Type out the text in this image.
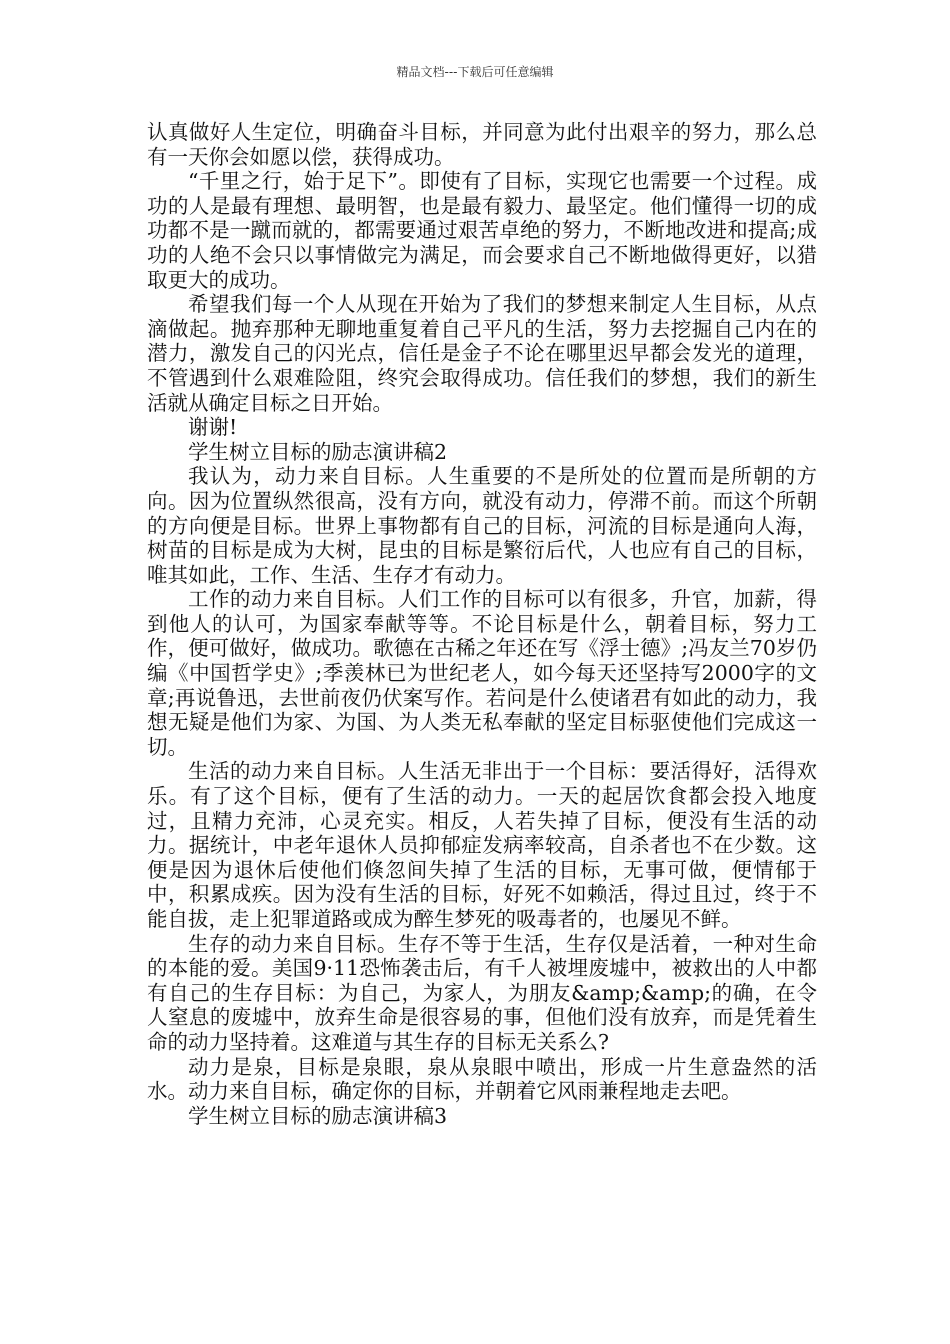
精品文档---下载后可任意编辑

认真做好人生定位，明确奋斗目标，并同意为此付出艰辛的努力，那么总有一天你会如愿以偿，获得成功。

“千里之行，始于足下”。即使有了目标，实现它也需要一个过程。成功的人是最有理想、最明智，也是最有毅力、最坚定。他们懂得一切的成功都不是一蹴而就的，都需要通过艰苦卓绝的努力，不断地改进和提高;成功的人绝不会只以事情做完为满足，而会要求自己不断地做得更好，以猎取更大的成功。

希望我们每一个人从现在开始为了我们的梦想来制定人生目标，从点滴做起。抛弃那种无聊地重复着自己平凡的生活，努力去挖掘自己内在的潜力，激发自己的闪光点，信任是金子不论在哪里迟早都会发光的道理，不管遇到什么艰难险阻，终究会取得成功。信任我们的梦想，我们的新生活就从确定目标之日开始。

谢谢!

学生树立目标的励志演讲稿2

我认为，动力来自目标。人生重要的不是所处的位置而是所朝的方向。因为位置纵然很高，没有方向，就没有动力，停滞不前。而这个所朝的方向便是目标。世界上事物都有自己的目标，河流的目标是通向人海，树苗的目标是成为大树，昆虫的目标是繁衍后代，人也应有自己的目标，唯其如此，工作、生活、生存才有动力。

工作的动力来自目标。人们工作的目标可以有很多，升官，加薪，得到他人的认可，为国家奉献等等。不论目标是什么，朝着目标，努力工作，便可做好，做成功。歌德在古稀之年还在写《浮士德》;冯友兰70岁仍编《中国哲学史》;季羡林已为世纪老人，如今每天还坚持写2000字的文章;再说鲁迅，去世前夜仍伏案写作。若问是什么使诸君有如此的动力，我想无疑是他们为家、为国、为人类无私奉献的坚定目标驱使他们完成这一切。

生活的动力来自目标。人生活无非出于一个目标：要活得好，活得欢乐。有了这个目标，便有了生活的动力。一天的起居饮食都会投入地度过，且精力充沛，心灵充实。相反，人若失掉了目标，便没有生活的动力。据统计，中老年退休人员抑郁症发病率较高，自杀者也不在少数。这便是因为退休后使他们倏忽间失掉了生活的目标，无事可做，便情郁于中，积累成疾。因为没有生活的目标，好死不如赖活，得过且过，终于不能自拔，走上犯罪道路或成为醉生梦死的吸毒者的，也屡见不鲜。

生存的动力来自目标。生存不等于生活，生存仅是活着，一种对生命的本能的爱。美国9·11恐怖袭击后，有千人被埋废墟中，被救出的人中都有自己的生存目标：为自己，为家人，为朋友&amp;&amp;的确，在令人窒息的废墟中，放弃生命是很容易的事，但他们没有放弃，而是凭着生命的动力坚持着。这难道与其生存的目标无关系么?

动力是泉，目标是泉眼，泉从泉眼中喷出，形成一片生意盎然的活水。动力来自目标，确定你的目标，并朝着它风雨兼程地走去吧。

学生树立目标的励志演讲稿3
